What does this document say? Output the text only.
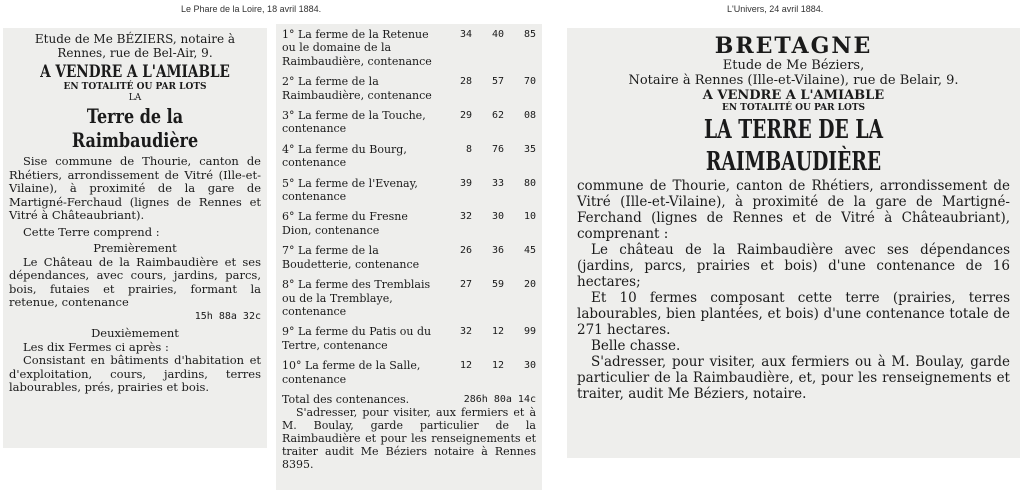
Le Phare de la Loire, 18 avril 1884.	L'Univers, 24 avril 1884.

Etude de Me BÉZIERS, notaire à Rennes, rue de Bel-Air, 9.

A VENDRE A L'AMIABLE

EN TOTALITÉ OU PAR LOTS

LA

Terre de la Raimbaudière

Sise commune de Thourie, canton de Rhétiers, arrondissement de Vitré (Ille-et-Vilaine), à proximité de la gare de Martigné-Ferchaud (lignes de Rennes et Vitré à Châteaubriant).

Cette Terre comprend :

Premièrement

Le Château de la Raimbaudière et ses dépendances, avec cours, jardins, parcs, bois, futaies et prairies, formant la retenue, contenance

15h 88a 32c

Deuxièmement

Les dix Fermes ci après :

Consistant en bâtiments d'habitation et d'exploitation, cours, jardins, terres labourables, prés, prairies et bois.

1° La ferme de la Retenue ou le domaine de la Raimbaudière, contenance
34	40	85
2° La ferme de la Raimbaudière, contenance
28	57	70
3° La ferme de la Touche, contenance
29	62	08
4° La ferme du Bourg, contenance
8	76	35
5° La ferme de l'Evenay, contenance
39	33	80
6° La ferme du Fresne Dion, contenance
32	30	10
7° La ferme de la Boudetterie, contenance
26	36	45
8° La ferme des Tremblais ou de la Tremblaye, contenance
27	59	20
9° La ferme du Patis ou du Tertre, contenance
32	12	99
10° La ferme de la Salle, contenance
12	12	30
Total des contenances.	286h 80a 14c

S'adresser, pour visiter, aux fermiers et à M. Boulay, garde particulier de la Raimbaudière et pour les renseignements et traiter audit Me Béziers notaire à Rennes 8395.

BRETAGNE

Etude de Me Béziers,

Notaire à Rennes (Ille-et-Vilaine), rue de Belair, 9.

A VENDRE A L'AMIABLE

EN TOTALITÉ OU PAR LOTS

LA TERRE DE LA RAIMBAUDIÈRE

commune de Thourie, canton de Rhétiers, arrondissement de Vitré (Ille-et-Vilaine), à proximité de la gare de Martigné-Ferchand (lignes de Rennes et de Vitré à Châteaubriant), comprenant :

Le château de la Raimbaudière avec ses dépendances (jardins, parcs, prairies et bois) d'une contenance de 16 hectares;

Et 10 fermes composant cette terre (prairies, terres labourables, bien plantées, et bois) d'une contenance totale de 271 hectares.

Belle chasse.

S'adresser, pour visiter, aux fermiers ou à M. Boulay, garde particulier de la Raimbaudière, et, pour les renseignements et traiter, audit Me Béziers, notaire.
